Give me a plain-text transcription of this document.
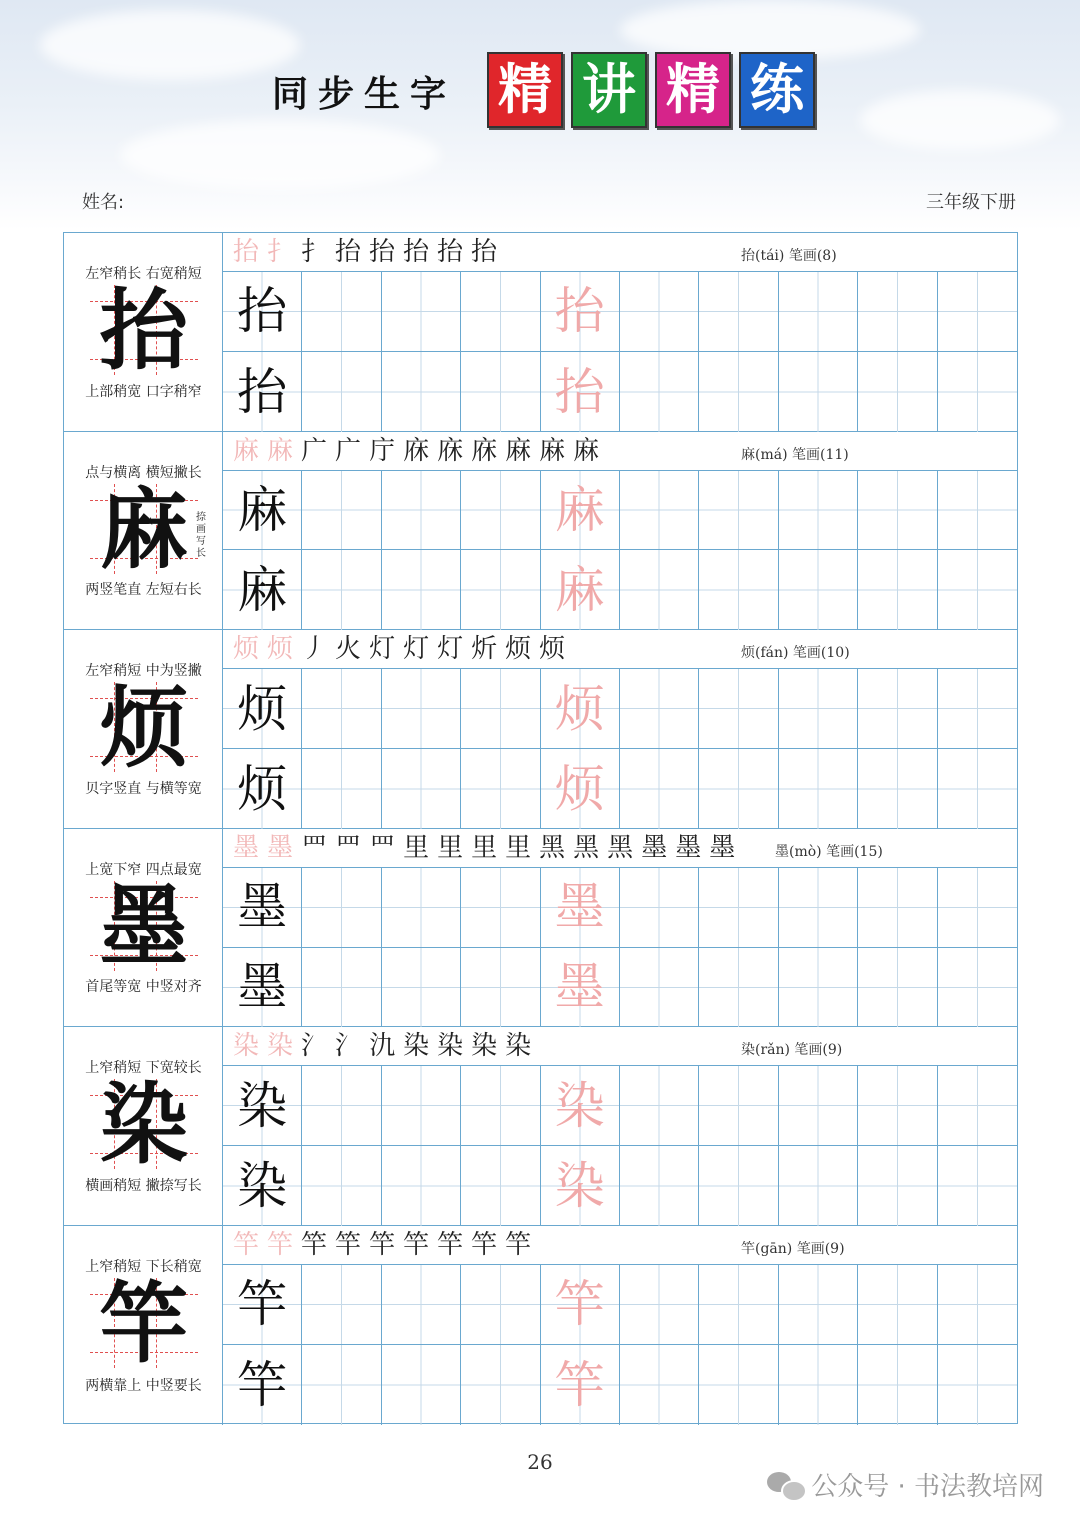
同步生字 精 讲 精 练
姓名:	三年级下册
左窄稍长 右宽稍短
抬
上部稍宽 口字稍窄
抬 扌 扌 抬 抬 抬 抬 抬	抬(tái) 笔画(8)
抬	抬
抬	抬
点与横离 横短撇长
麻 捺画写长
两竖笔直 左短右长
麻 麻 广 广 庁 庥 庥 庥 麻 麻 麻	麻(má) 笔画(11)
麻	麻
麻	麻
左窄稍短 中为竖撇
烦
贝字竖直 与横等宽
烦 烦 丿 火 灯 灯 灯 炘 烦 烦	烦(fán) 笔画(10)
烦	烦
烦	烦
上宽下窄 四点最宽
墨
首尾等宽 中竖对齐
墨 墨 罒 罒 罒 里 里 里 里 黑 黑 黑 墨 墨 墨	墨(mò) 笔画(15)
墨	墨
墨	墨
上窄稍短 下宽较长
染
横画稍短 撇捺写长
染 染 氵 氵 氿 染 染 染 染	染(rǎn) 笔画(9)
染	染
染	染
上窄稍短 下长稍宽
竿
两横靠上 中竖要长
竿 竿 竿 竿 竿 竿 竿 竿 竿	竿(gān) 笔画(9)
竿	竿
竿	竿
26
公众号 · 书法教培网
